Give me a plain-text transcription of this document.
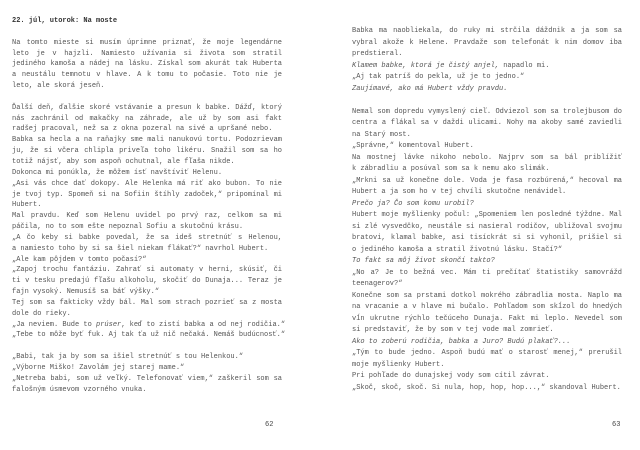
22. júl, utorok: Na moste

Na tomto mieste si musím úprimne priznať, že moje legendárne
leto je v hajzli. Namiesto užívania si života som stratil
jediného kamoša a nádej na lásku. Získal som akurát tak Huberta
a neustálu temnotu v hlave. A k tomu to počasie. Toto nie je
leto, ale skorá jeseň.

Ďalší deň, ďalšie skoré vstávanie a presun k babke. Dážď, ktorý
nás zachránil od makačky na záhrade, ale už by som asi fakt
radšej pracoval, než sa z okna pozeral na sivé a upršané nebo.
Babka sa hecla a na raňajky sme mali nanukovú tortu. Podozrievam
ju, že si včera chlipla priveľa toho likéru. Snažil som sa ho
totiž nájsť, aby som aspoň ochutnal, ale fľaša nikde.
Dokonca mi ponúkla, že môžem ísť navštíviť Helenu.
„Asi vás chce dať dokopy. Ale Helenka má riť ako bubon. To nie
je tvoj typ. Spomeň si na Sofiin štíhly zadoček,“ pripomínal mi
Hubert.
Mal pravdu. Keď som Helenu uvidel po prvý raz, celkom sa mi
páčila, no to som ešte nepoznal Sofiu a skutočnú krásu.
„A čo keby si babke povedal, že sa ideš stretnúť s Helenou,
a namiesto toho by si sa šiel niekam flákať?“ navrhol Hubert.
„Ale kam pôjdem v tomto počasí?“
„Zapoj trochu fantáziu. Zahrať si automaty v herni, skúsiť, či
ti v tesku predajú fľašu alkoholu, skočiť do Dunaja... Teraz je
fajn vysoký. Nemusíš sa báť výšky.“
Tej som sa fakticky vždy bál. Mal som strach pozrieť sa z mosta
dole do rieky.
„Ja neviem. Bude to prúser, keď to zistí babka a od nej rodičia.“
„Tebe to môže byť fuk. Aj tak ťa už nič nečaká. Nemáš budúcnosť.“

„Babi, tak ja by som sa išiel stretnúť s tou Helenkou.“
„Výborne Miško! Zavolám jej starej mame.“
„Netreba babi, som už veľký. Telefonovať viem,“ zaškeril som sa
falošným úsmevom vzorného vnuka.
62
Babka ma naobliekala, do ruky mi strčila dáždnik a ja som sa
vybral akože k Helene. Pravdaže som telefonát k nim domov iba
predstieral.
Klamem babke, ktorá je čistý anjel, napadlo mi.
„Aj tak patríš do pekla, už je to jedno.“
Zaujímavé, ako má Hubert vždy pravdu.

Nemal som dopredu vymyslený cieľ. Odviezol som sa trolejbusom do
centra a flákal sa v daždi ulicami. Nohy ma akoby samé zaviedli
na Starý most.
„Správne,“ komentoval Hubert.
Na mostnej lávke nikoho nebolo. Najprv som sa bál priblížiť
k zábradliu a posúval som sa k nemu ako slimák.
„Mrkni sa už konečne dole. Voda je fasa rozbúrená,“ hecoval ma
Hubert a ja som ho v tej chvíli skutočne nenávidel.
Prečo ja? Čo som komu urobil?
Hubert moje myšlienky počul: „Spomeniem len posledné týždne. Mal
si zlé vysvedčko, neustále si nasieral rodičov, ubližoval svojmu
bratovi, klamal babke, asi tisíckrát si si vyhonil, prišiel si
o jediného kamoša a stratil životnú lásku. Stačí?“
To fakt sa môj život skončí takto?
„No a? Je to bežná vec. Mám ti prečítať štatistiky samovrážd
teenagerov?“
Konečne som sa prstami dotkol mokrého zábradlia mosta. Naplo ma
na vracanie a v hlave mi bučalo. Pohľadom som skĺzol do hnedých
vĺn ukrutne rýchlo tečúceho Dunaja. Fakt mi leplo. Nevedel som
si predstaviť, že by som v tej vode mal zomrieť.
Ako to zoberú rodičia, babka a Juro? Budú plakať?...
„Tým to bude jedno. Aspoň budú mať o starosť menej,“ prerušil
moje myšlienky Hubert.
Pri pohľade do dunajskej vody som cítil závrat.
„Skoč, skoč, skoč. Si nula, hop, hop, hop...,“ skandoval Hubert.
63
